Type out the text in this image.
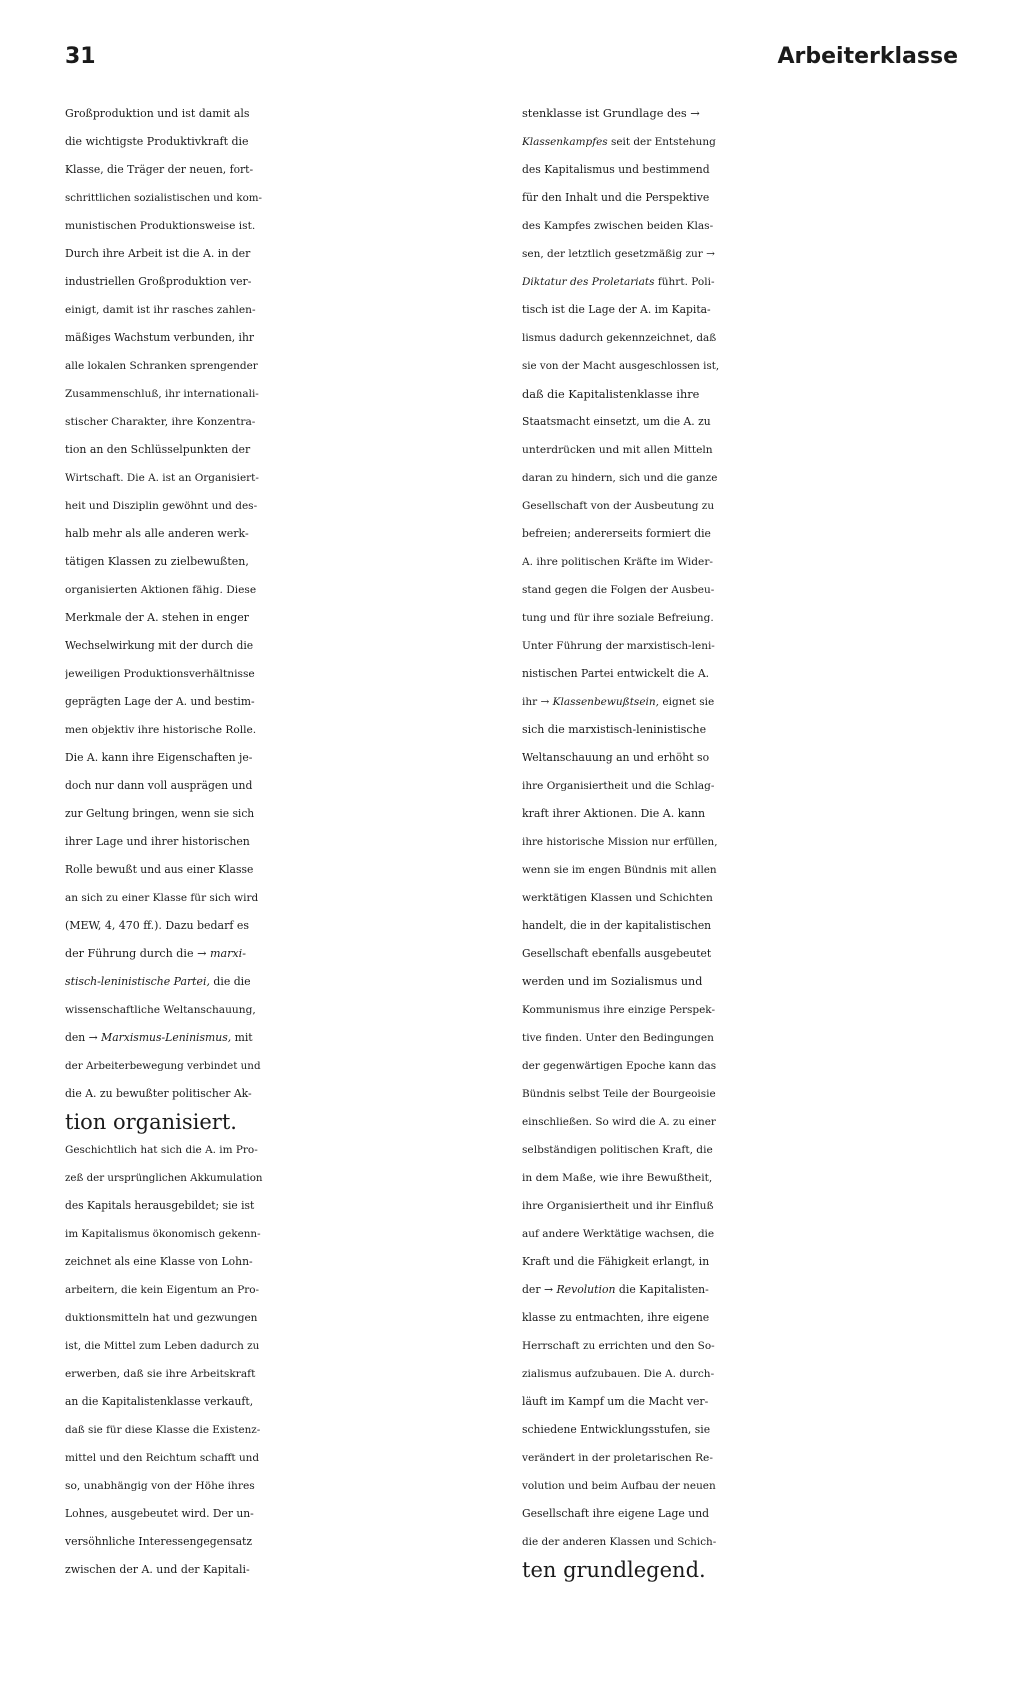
31	Arbeiterklasse
Großproduktion und ist damit als
die wichtigste Produktivkraft die
Klasse, die Träger der neuen, fort-
schrittlichen sozialistischen und kom-
munistischen Produktionsweise ist.
Durch ihre Arbeit ist die A. in der
industriellen Großproduktion ver-
einigt, damit ist ihr rasches zahlen-
mäßiges Wachstum verbunden, ihr
alle lokalen Schranken sprengender
Zusammenschluß, ihr internationali-
stischer Charakter, ihre Konzentra-
tion an den Schlüsselpunkten der
Wirtschaft. Die A. ist an Organisiert-
heit und Disziplin gewöhnt und des-
halb mehr als alle anderen werk-
tätigen Klassen zu zielbewußten,
organisierten Aktionen fähig. Diese
Merkmale der A. stehen in enger
Wechselwirkung mit der durch die
jeweiligen Produktionsverhältnisse
geprägten Lage der A. und bestim-
men objektiv ihre historische Rolle.
Die A. kann ihre Eigenschaften je-
doch nur dann voll ausprägen und
zur Geltung bringen, wenn sie sich
ihrer Lage und ihrer historischen
Rolle bewußt und aus einer Klasse
an sich zu einer Klasse für sich wird
(MEW, 4, 470 ff.). Dazu bedarf es
der Führung durch die → marxi-
stisch-leninistische Partei, die die
wissenschaftliche Weltanschauung,
den → Marxismus-Leninismus, mit
der Arbeiterbewegung verbindet und
die A. zu bewußter politischer Ak-
tion organisiert.
Geschichtlich hat sich die A. im Pro-
zeß der ursprünglichen Akkumulation
des Kapitals herausgebildet; sie ist
im Kapitalismus ökonomisch gekenn-
zeichnet als eine Klasse von Lohn-
arbeitern, die kein Eigentum an Pro-
duktionsmitteln hat und gezwungen
ist, die Mittel zum Leben dadurch zu
erwerben, daß sie ihre Arbeitskraft
an die Kapitalistenklasse verkauft,
daß sie für diese Klasse die Existenz-
mittel und den Reichtum schafft und
so, unabhängig von der Höhe ihres
Lohnes, ausgebeutet wird. Der un-
versöhnliche Interessengegensatz
zwischen der A. und der Kapitali-
stenklasse ist Grundlage des →
Klassenkampfes seit der Entstehung
des Kapitalismus und bestimmend
für den Inhalt und die Perspektive
des Kampfes zwischen beiden Klas-
sen, der letztlich gesetzmäßig zur →
Diktatur des Proletariats führt. Poli-
tisch ist die Lage der A. im Kapita-
lismus dadurch gekennzeichnet, daß
sie von der Macht ausgeschlossen ist,
daß die Kapitalistenklasse ihre
Staatsmacht einsetzt, um die A. zu
unterdrücken und mit allen Mitteln
daran zu hindern, sich und die ganze
Gesellschaft von der Ausbeutung zu
befreien; andererseits formiert die
A. ihre politischen Kräfte im Wider-
stand gegen die Folgen der Ausbeu-
tung und für ihre soziale Befreiung.
Unter Führung der marxistisch-leni-
nistischen Partei entwickelt die A.
ihr → Klassenbewußtsein, eignet sie
sich die marxistisch-leninistische
Weltanschauung an und erhöht so
ihre Organisiertheit und die Schlag-
kraft ihrer Aktionen. Die A. kann
ihre historische Mission nur erfüllen,
wenn sie im engen Bündnis mit allen
werktätigen Klassen und Schichten
handelt, die in der kapitalistischen
Gesellschaft ebenfalls ausgebeutet
werden und im Sozialismus und
Kommunismus ihre einzige Perspek-
tive finden. Unter den Bedingungen
der gegenwärtigen Epoche kann das
Bündnis selbst Teile der Bourgeoisie
einschließen. So wird die A. zu einer
selbständigen politischen Kraft, die
in dem Maße, wie ihre Bewußtheit,
ihre Organisiertheit und ihr Einfluß
auf andere Werktätige wachsen, die
Kraft und die Fähigkeit erlangt, in
der → Revolution die Kapitalisten-
klasse zu entmachten, ihre eigene
Herrschaft zu errichten und den So-
zialismus aufzubauen. Die A. durch-
läuft im Kampf um die Macht ver-
schiedene Entwicklungsstufen, sie
verändert in der proletarischen Re-
volution und beim Aufbau der neuen
Gesellschaft ihre eigene Lage und
die der anderen Klassen und Schich-
ten grundlegend.
